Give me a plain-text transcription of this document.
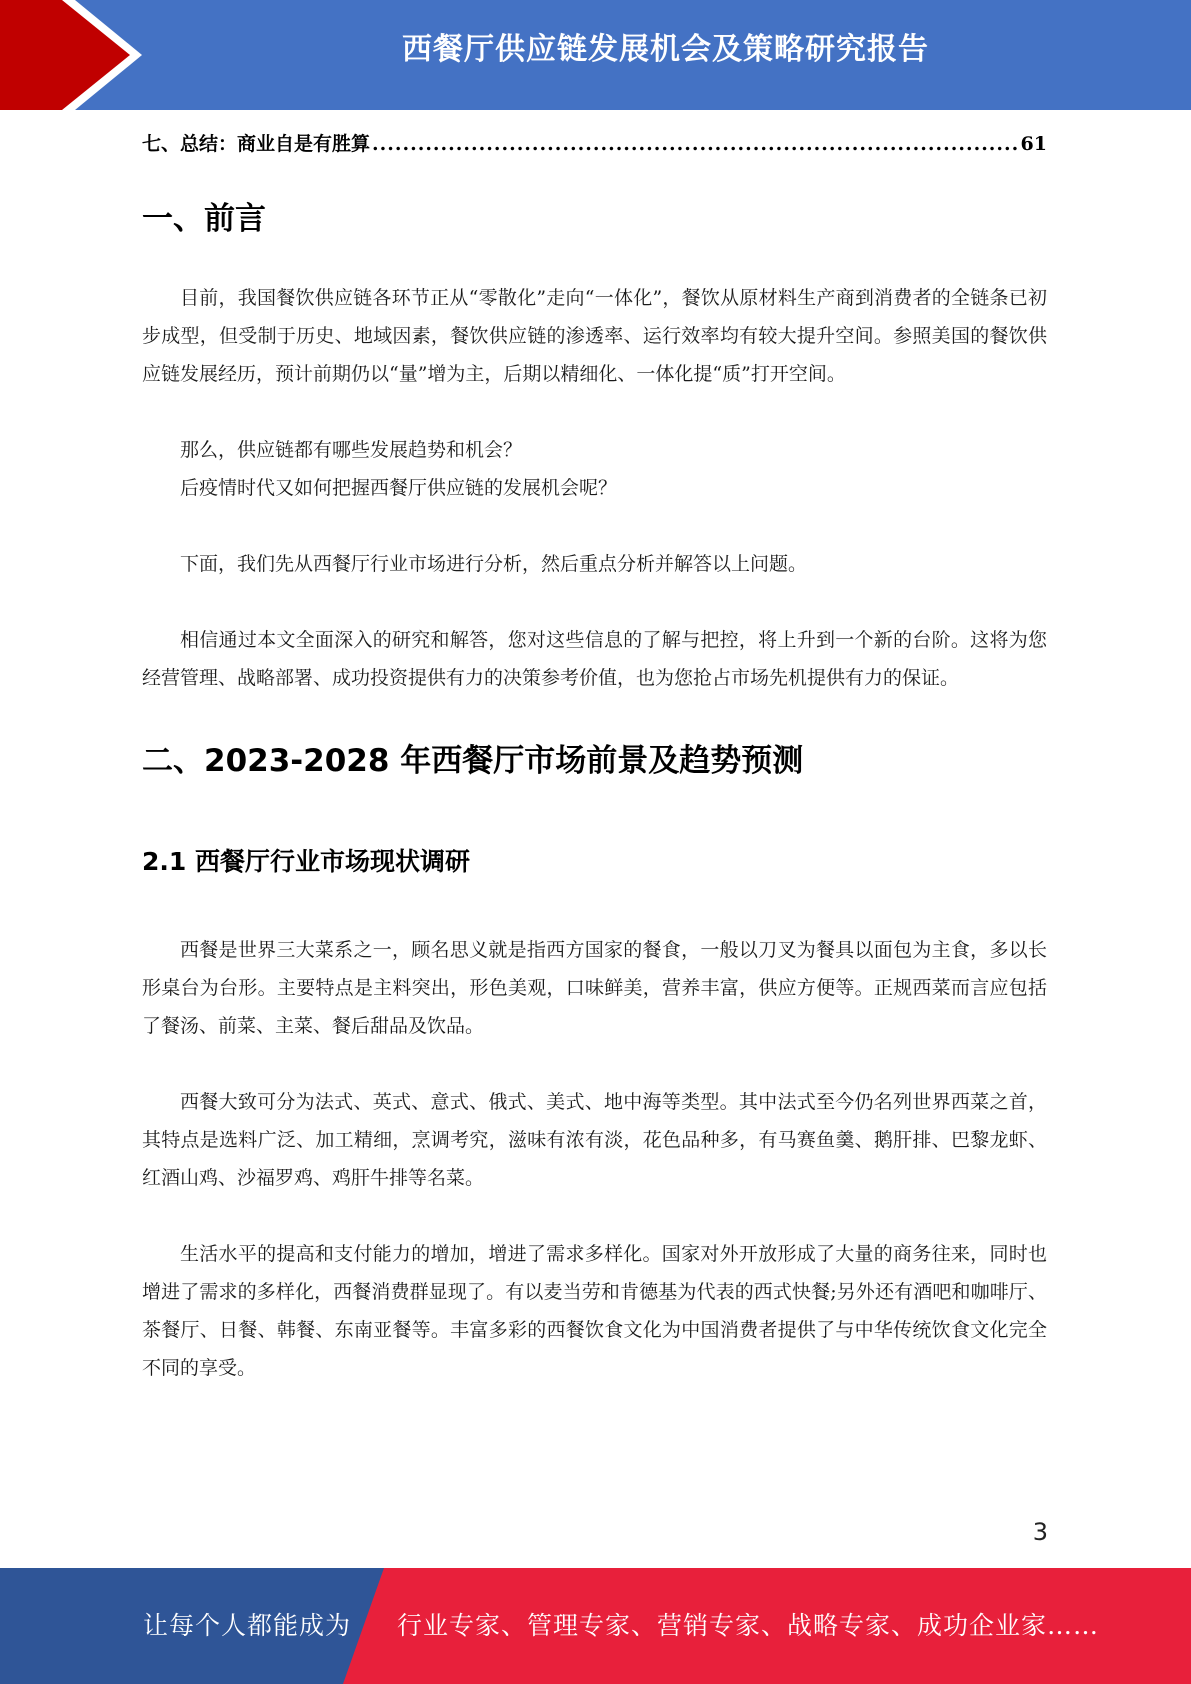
西餐厅供应链发展机会及策略研究报告
七、总结：商业自是有胜算
.....	61
一、前言

目前，我国餐饮供应链各环节正从“零散化”走向“一体化”，餐饮从原材料生产商到消费者的全链条已初步成型，但受制于历史、地域因素，餐饮供应链的渗透率、运行效率均有较大提升空间。参照美国的餐饮供应链发展经历，预计前期仍以“量”增为主，后期以精细化、一体化提“质”打开空间。

那么，供应链都有哪些发展趋势和机会？

后疫情时代又如何把握西餐厅供应链的发展机会呢？

下面，我们先从西餐厅行业市场进行分析，然后重点分析并解答以上问题。

相信通过本文全面深入的研究和解答，您对这些信息的了解与把控，将上升到一个新的台阶。这将为您经营管理、战略部署、成功投资提供有力的决策参考价值，也为您抢占市场先机提供有力的保证。

二、2023-2028 年西餐厅市场前景及趋势预测
2.1 西餐厅行业市场现状调研

西餐是世界三大菜系之一，顾名思义就是指西方国家的餐食，一般以刀叉为餐具以面包为主食，多以长形桌台为台形。主要特点是主料突出，形色美观，口味鲜美，营养丰富，供应方便等。正规西菜而言应包括了餐汤、前菜、主菜、餐后甜品及饮品。

西餐大致可分为法式、英式、意式、俄式、美式、地中海等类型。其中法式至今仍名列世界西菜之首，其特点是选料广泛、加工精细，烹调考究，滋味有浓有淡，花色品种多，有马赛鱼羹、鹅肝排、巴黎龙虾、红酒山鸡、沙福罗鸡、鸡肝牛排等名菜。

生活水平的提高和支付能力的增加，增进了需求多样化。国家对外开放形成了大量的商务往来，同时也增进了需求的多样化，西餐消费群显现了。有以麦当劳和肯德基为代表的西式快餐;另外还有酒吧和咖啡厅、茶餐厅、日餐、韩餐、东南亚餐等。丰富多彩的西餐饮食文化为中国消费者提供了与中华传统饮食文化完全不同的享受。

3
让每个人都能成为 行业专家、管理专家、营销专家、战略专家、成功企业家……
